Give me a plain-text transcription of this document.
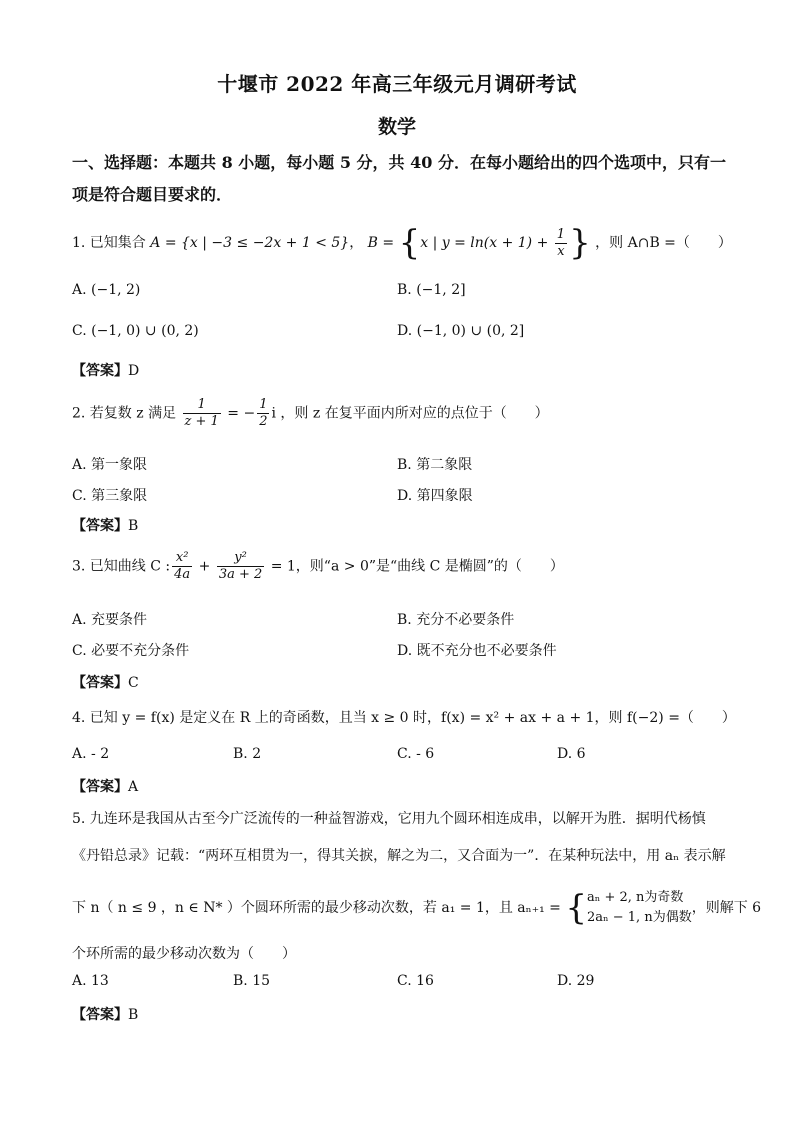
十堰市 2022 年高三年级元月调研考试
数学
一、选择题：本题共 8 小题，每小题 5 分，共 40 分．在每小题给出的四个选项中，只有一
项是符合题目要求的．
1. 已知集合 A = {x | −3 ≤ −2x + 1 < 5}， B = {x | $y = \ln(x + 1) + \frac{1}{x}$ } ，则 A∩B =（　　）
A. (−1, 2)	B. (−1, 2]
C. (−1, 0) ∪ (0, 2)	D. (−1, 0) ∪ (0, 2]
【答案】D
2. 若复数 z 满足 $\frac{1}{z + 1}$ = − $\frac{1}{2}$ i ，则 z 在复平面内所对应的点位于（　　）
A. 第一象限	B. 第二象限
C. 第三象限	D. 第四象限
【答案】B
3. 已知曲线 C : $\frac{\text{x²}}{4a} + \frac{\text{y²}}{3a + 2} = 1$，则“a > 0”是“曲线 C 是椭圆”的（　　）
A. 充要条件	B. 充分不必要条件
C. 必要不充分条件	D. 既不充分也不必要条件
【答案】C
4. 已知 y = f(x) 是定义在 R 上的奇函数，且当 x ≥ 0 时，f(x) = x² + ax + a + 1，则 f(−2) =（　　）
A. - 2	B. 2	C. - 6	D. 6
【答案】A
5. 九连环是我国从古至今广泛流传的一种益智游戏，它用九个圆环相连成串，以解开为胜．据明代杨慎
《丹铅总录》记载：“两环互相贯为一，得其关捩，解之为二，又合面为一”．在某种玩法中，用 aₙ 表示解
下 n（ n ≤ 9 ，n ∈ N* ）个圆环所需的最少移动次数，若 a₁ = 1，且 aₙ₊₁ = { aₙ + 2, n为奇数
2aₙ − 1, n为偶数
，则解下 6
个环所需的最少移动次数为（　　）
A. 13	B. 15	C. 16	D. 29
【答案】B
